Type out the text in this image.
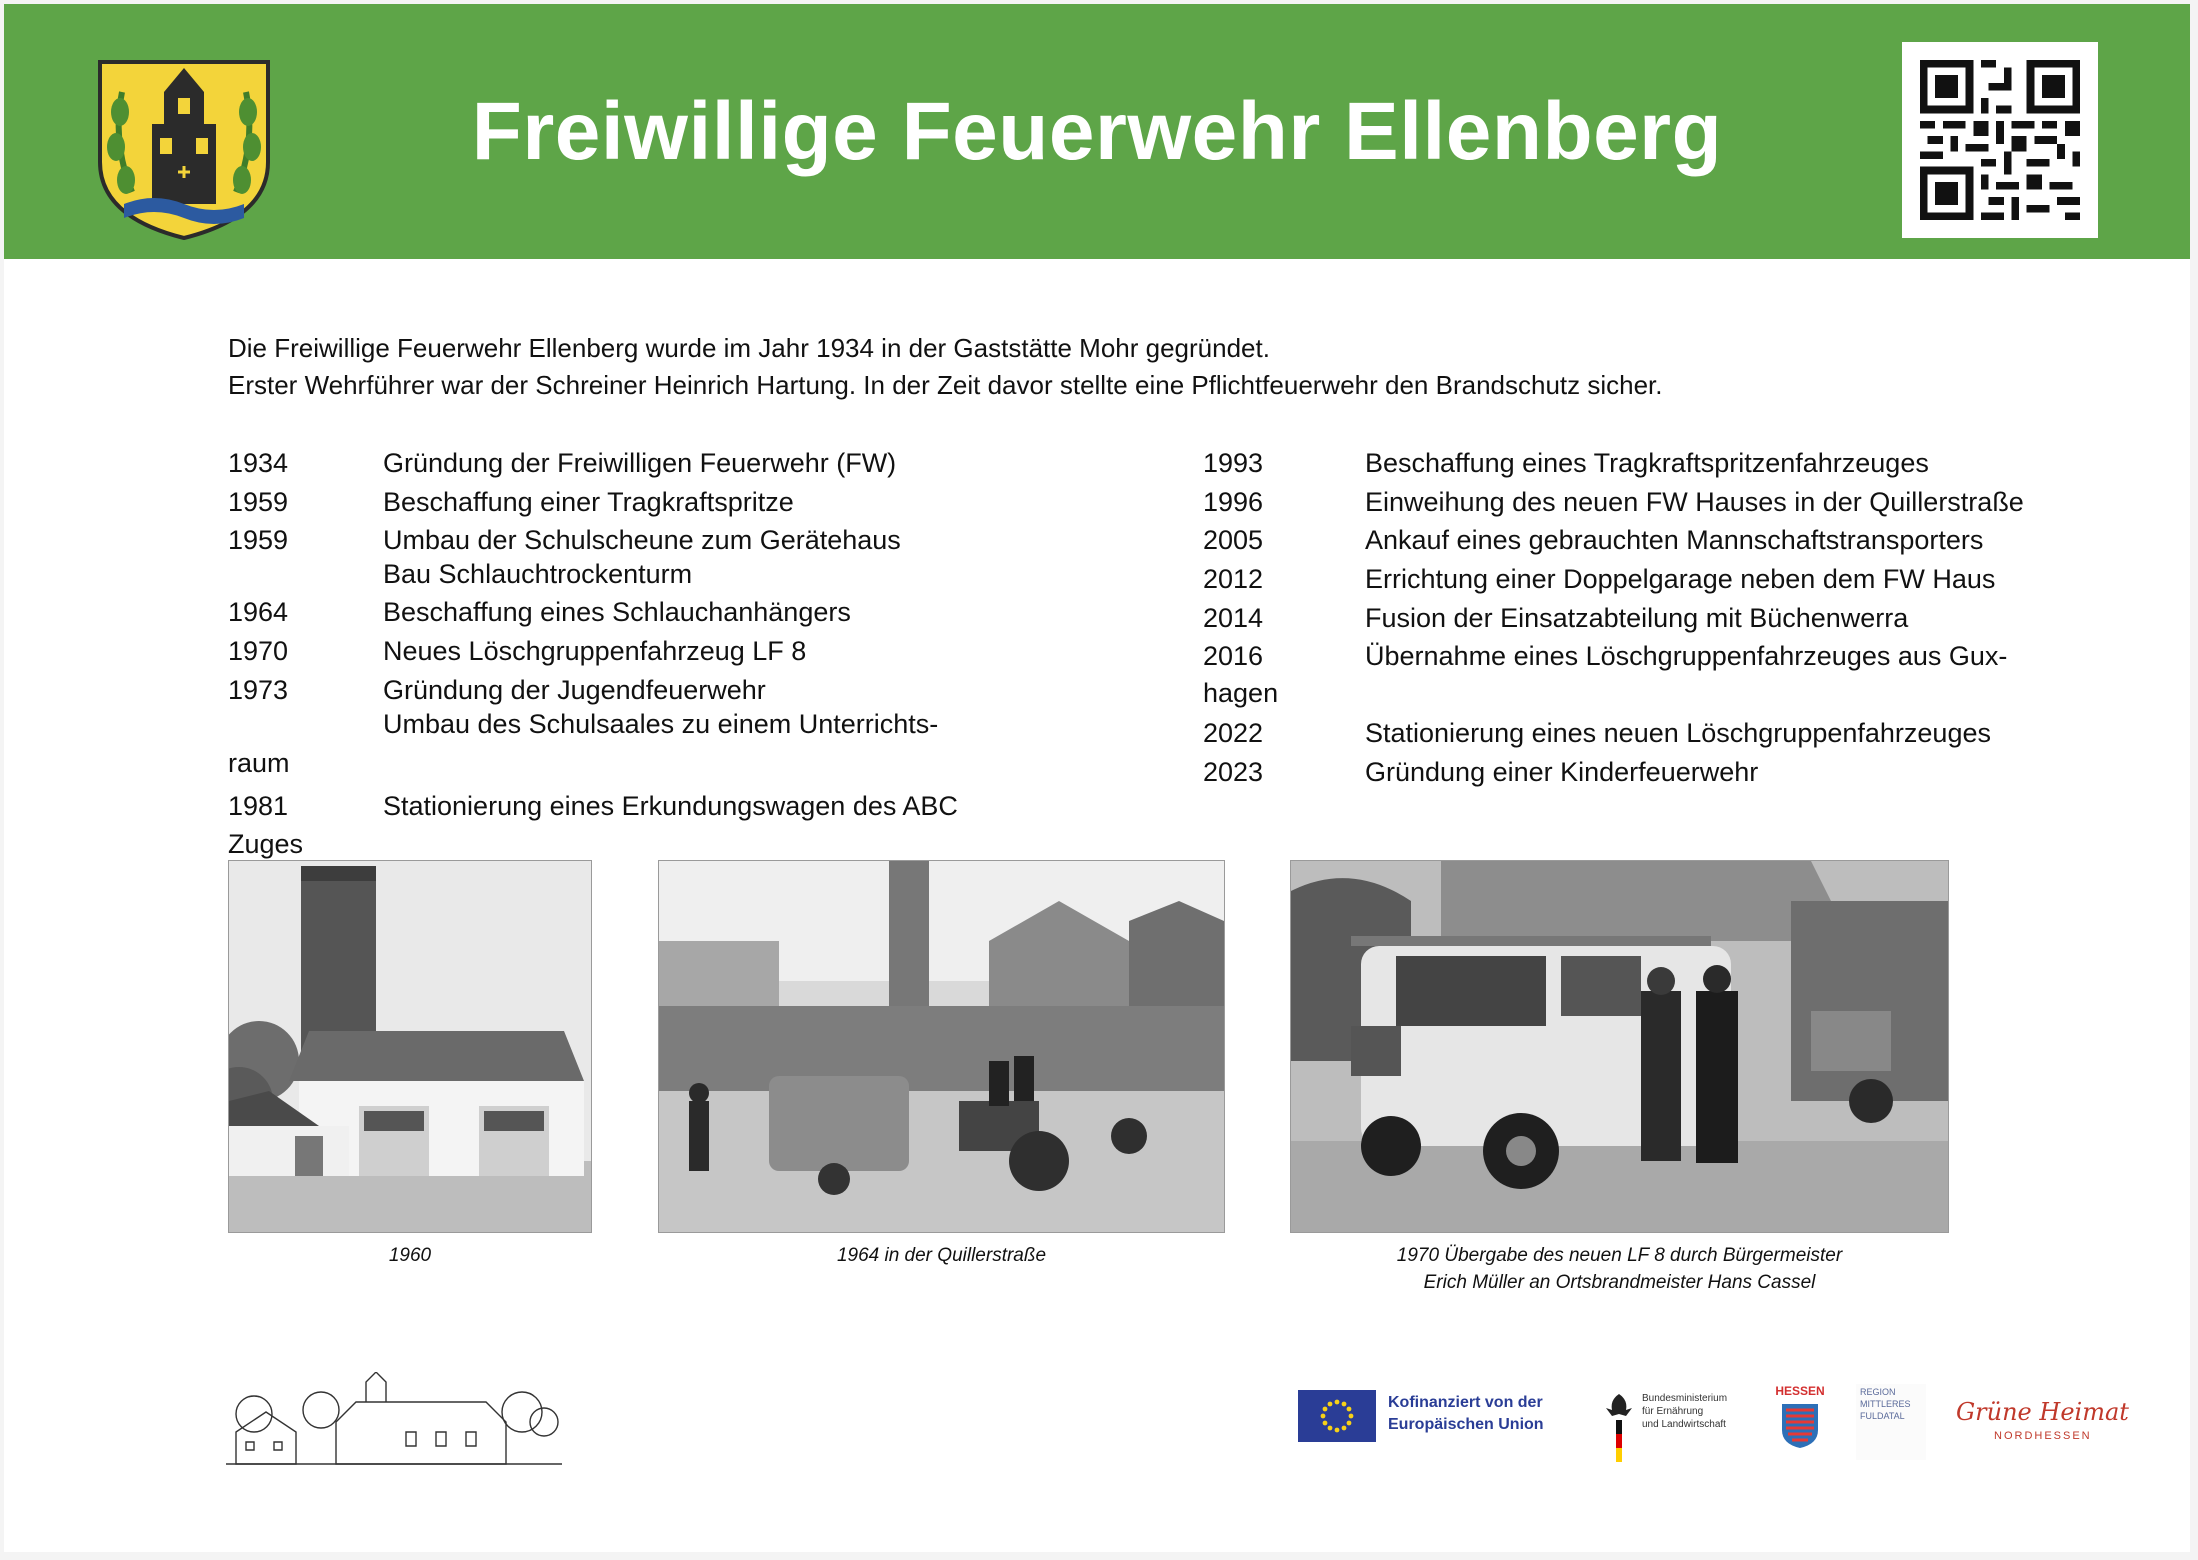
Freiwillige Feuerwehr Ellenberg
Die Freiwillige Feuerwehr Ellenberg wurde im Jahr 1934 in der Gaststätte Mohr gegründet.
Erster Wehrführer war der Schreiner Heinrich Hartung. In der Zeit davor stellte eine Pflichtfeuerwehr den Brandschutz sicher.
1934	Gründung der Freiwilligen Feuerwehr (FW)
1959	Beschaffung einer Tragkraftspritze
1959	Umbau der Schulscheune zum Gerätehaus
Bau Schlauchtrockenturm
1964	Beschaffung eines Schlauchanhängers
1970	Neues Löschgruppenfahrzeug LF 8
1973	Gründung der Jugendfeuerwehr
Umbau des Schulsaales zu einem Unterrichts-
raum
1981	Stationierung eines Erkundungswagen des ABC
Zuges
1993	Beschaffung eines Tragkraftspritzenfahrzeuges
1996	Einweihung des neuen FW Hauses in der Quillerstraße
2005	Ankauf eines gebrauchten Mannschaftstransporters
2012	Errichtung einer Doppelgarage neben dem FW Haus
2014	Fusion der Einsatzabteilung mit Büchenwerra
2016	Übernahme eines Löschgruppenfahrzeuges aus Gux-
hagen
2022	Stationierung eines neuen Löschgruppenfahrzeuges
2023	Gründung einer Kinderfeuerwehr
1960	1964 in der Quillerstraße	1970 Übergabe des neuen LF 8 durch Bürgermeister
Erich Müller an Ortsbrandmeister Hans Cassel
Kofinanziert von der
Europäischen Union
Bundesministerium
für Ernährung
und Landwirtschaft
HESSEN	REGION
MITTLERES
FULDATAL Grüne Heimat
NORDHESSEN
